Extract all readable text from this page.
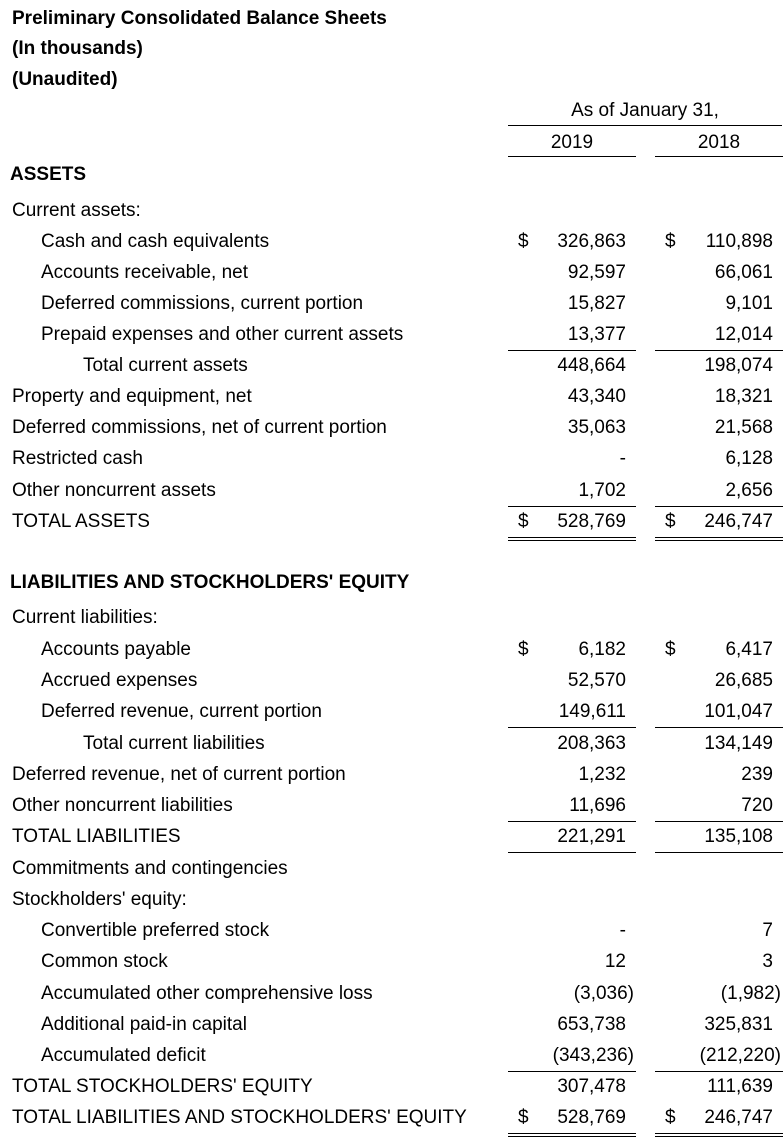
Preliminary Consolidated Balance Sheets
(In thousands)
(Unaudited)
As of January 31,
2019	2018
ASSETS
LIABILITIES AND STOCKHOLDERS' EQUITY
Current assets:
Cash and cash equivalents	$ 326,863 $ 110,898
Accounts receivable, net	92,597	66,061
Deferred commissions, current portion	15,827	9,101
Prepaid expenses and other current assets	13,377	12,014
Total current assets	448,664	198,074
Property and equipment, net	43,340	18,321
Deferred commissions, net of current portion	35,063	21,568
Restricted cash	-	6,128
Other noncurrent assets	1,702	2,656
TOTAL ASSETS	$ 528,769 $ 246,747
Current liabilities:
Accounts payable	$	6,182 $	6,417
Accrued expenses	52,570	26,685
Deferred revenue, current portion	149,611	101,047
Total current liabilities	208,363	134,149
Deferred revenue, net of current portion	1,232	239
Other noncurrent liabilities	11,696	720
TOTAL LIABILITIES	221,291	135,108
Commitments and contingencies
Stockholders' equity:
Convertible preferred stock	-	7
Common stock	12	3
Accumulated other comprehensive loss	(3,036)	(1,982)
Additional paid-in capital	653,738	325,831
Accumulated deficit	(343,236)	(212,220)
TOTAL STOCKHOLDERS' EQUITY	307,478	111,639
TOTAL LIABILITIES AND STOCKHOLDERS' EQUITY	$ 528,769 $ 246,747
